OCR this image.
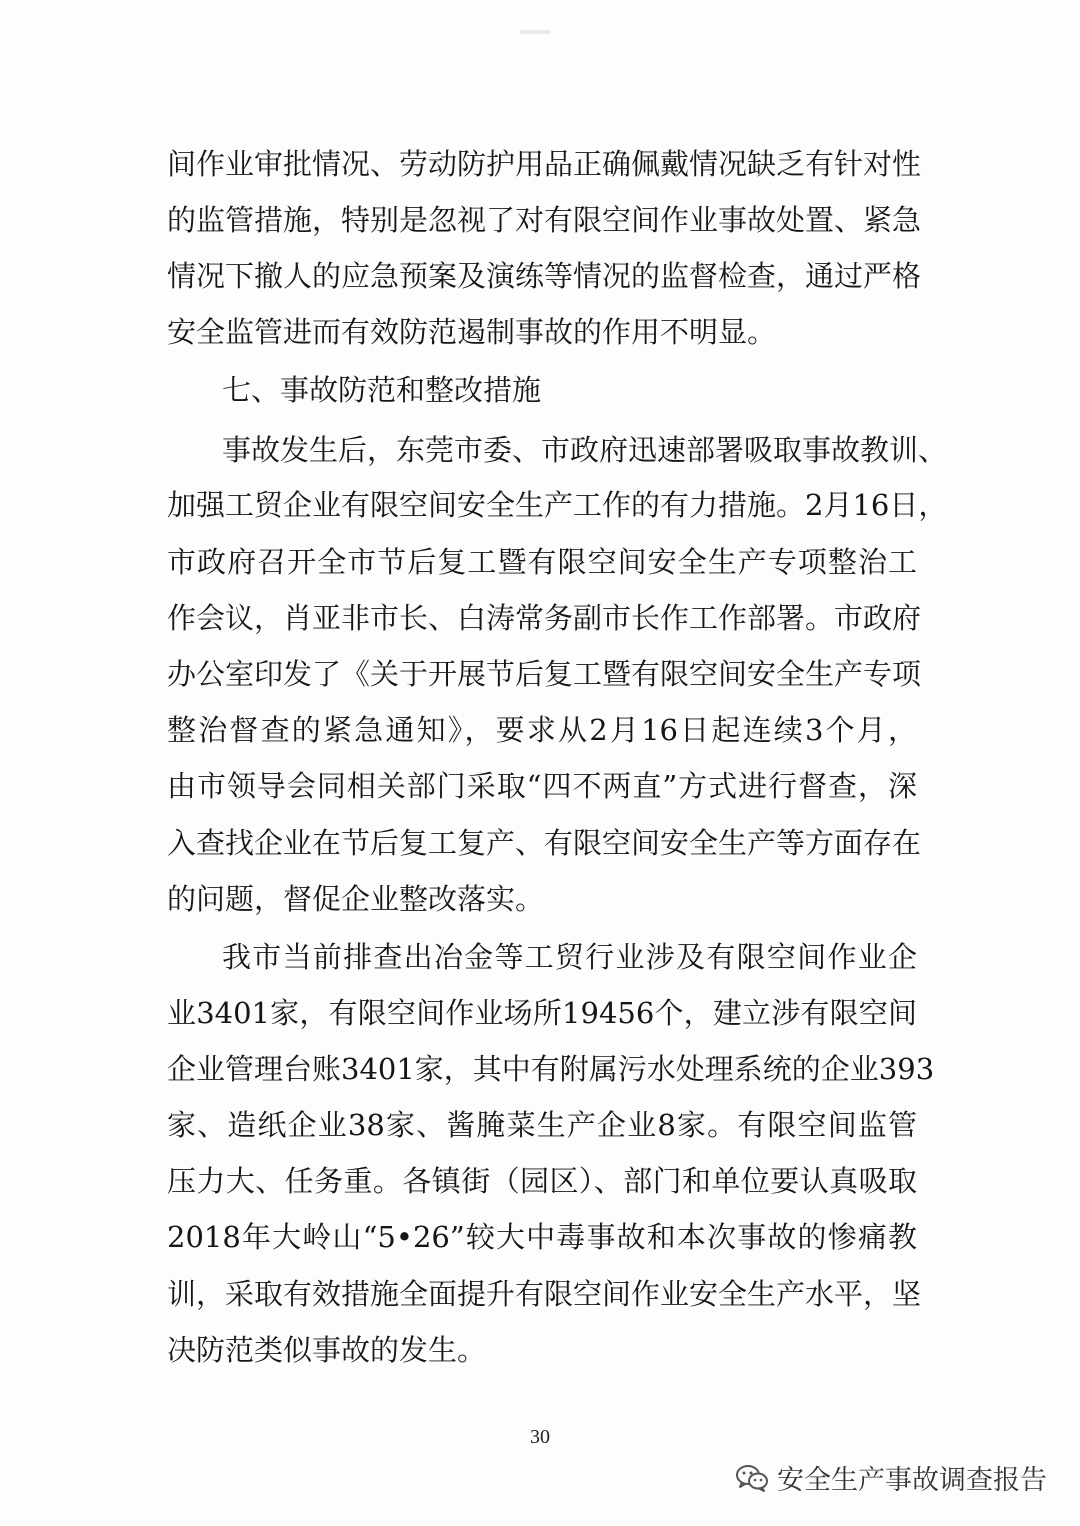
间作业审批情况、劳动防护用品正确佩戴情况缺乏有针对性
的监管措施，特别是忽视了对有限空间作业事故处置、紧急
情况下撤人的应急预案及演练等情况的监督检查，通过严格
安全监管进而有效防范遏制事故的作用不明显。
七、事故防范和整改措施
事故发生后，东莞市委、市政府迅速部署吸取事故教训、
加强工贸企业有限空间安全生产工作的有力措施。2月16日，
市政府召开全市节后复工暨有限空间安全生产专项整治工
作会议，肖亚非市长、白涛常务副市长作工作部署。市政府
办公室印发了《关于开展节后复工暨有限空间安全生产专项
整治督查的紧急通知》，要求从2月16日起连续3个月，
由市领导会同相关部门采取“四不两直”方式进行督查，深
入查找企业在节后复工复产、有限空间安全生产等方面存在
的问题，督促企业整改落实。
我市当前排查出冶金等工贸行业涉及有限空间作业企
业3401家，有限空间作业场所19456个，建立涉有限空间
企业管理台账3401家，其中有附属污水处理系统的企业393
家、造纸企业38家、酱腌菜生产企业8家。有限空间监管
压力大、任务重。各镇街（园区）、部门和单位要认真吸取
2018年大岭山“5•26”较大中毒事故和本次事故的惨痛教
训，采取有效措施全面提升有限空间作业安全生产水平，坚
决防范类似事故的发生。
30
安全生产事故调查报告
